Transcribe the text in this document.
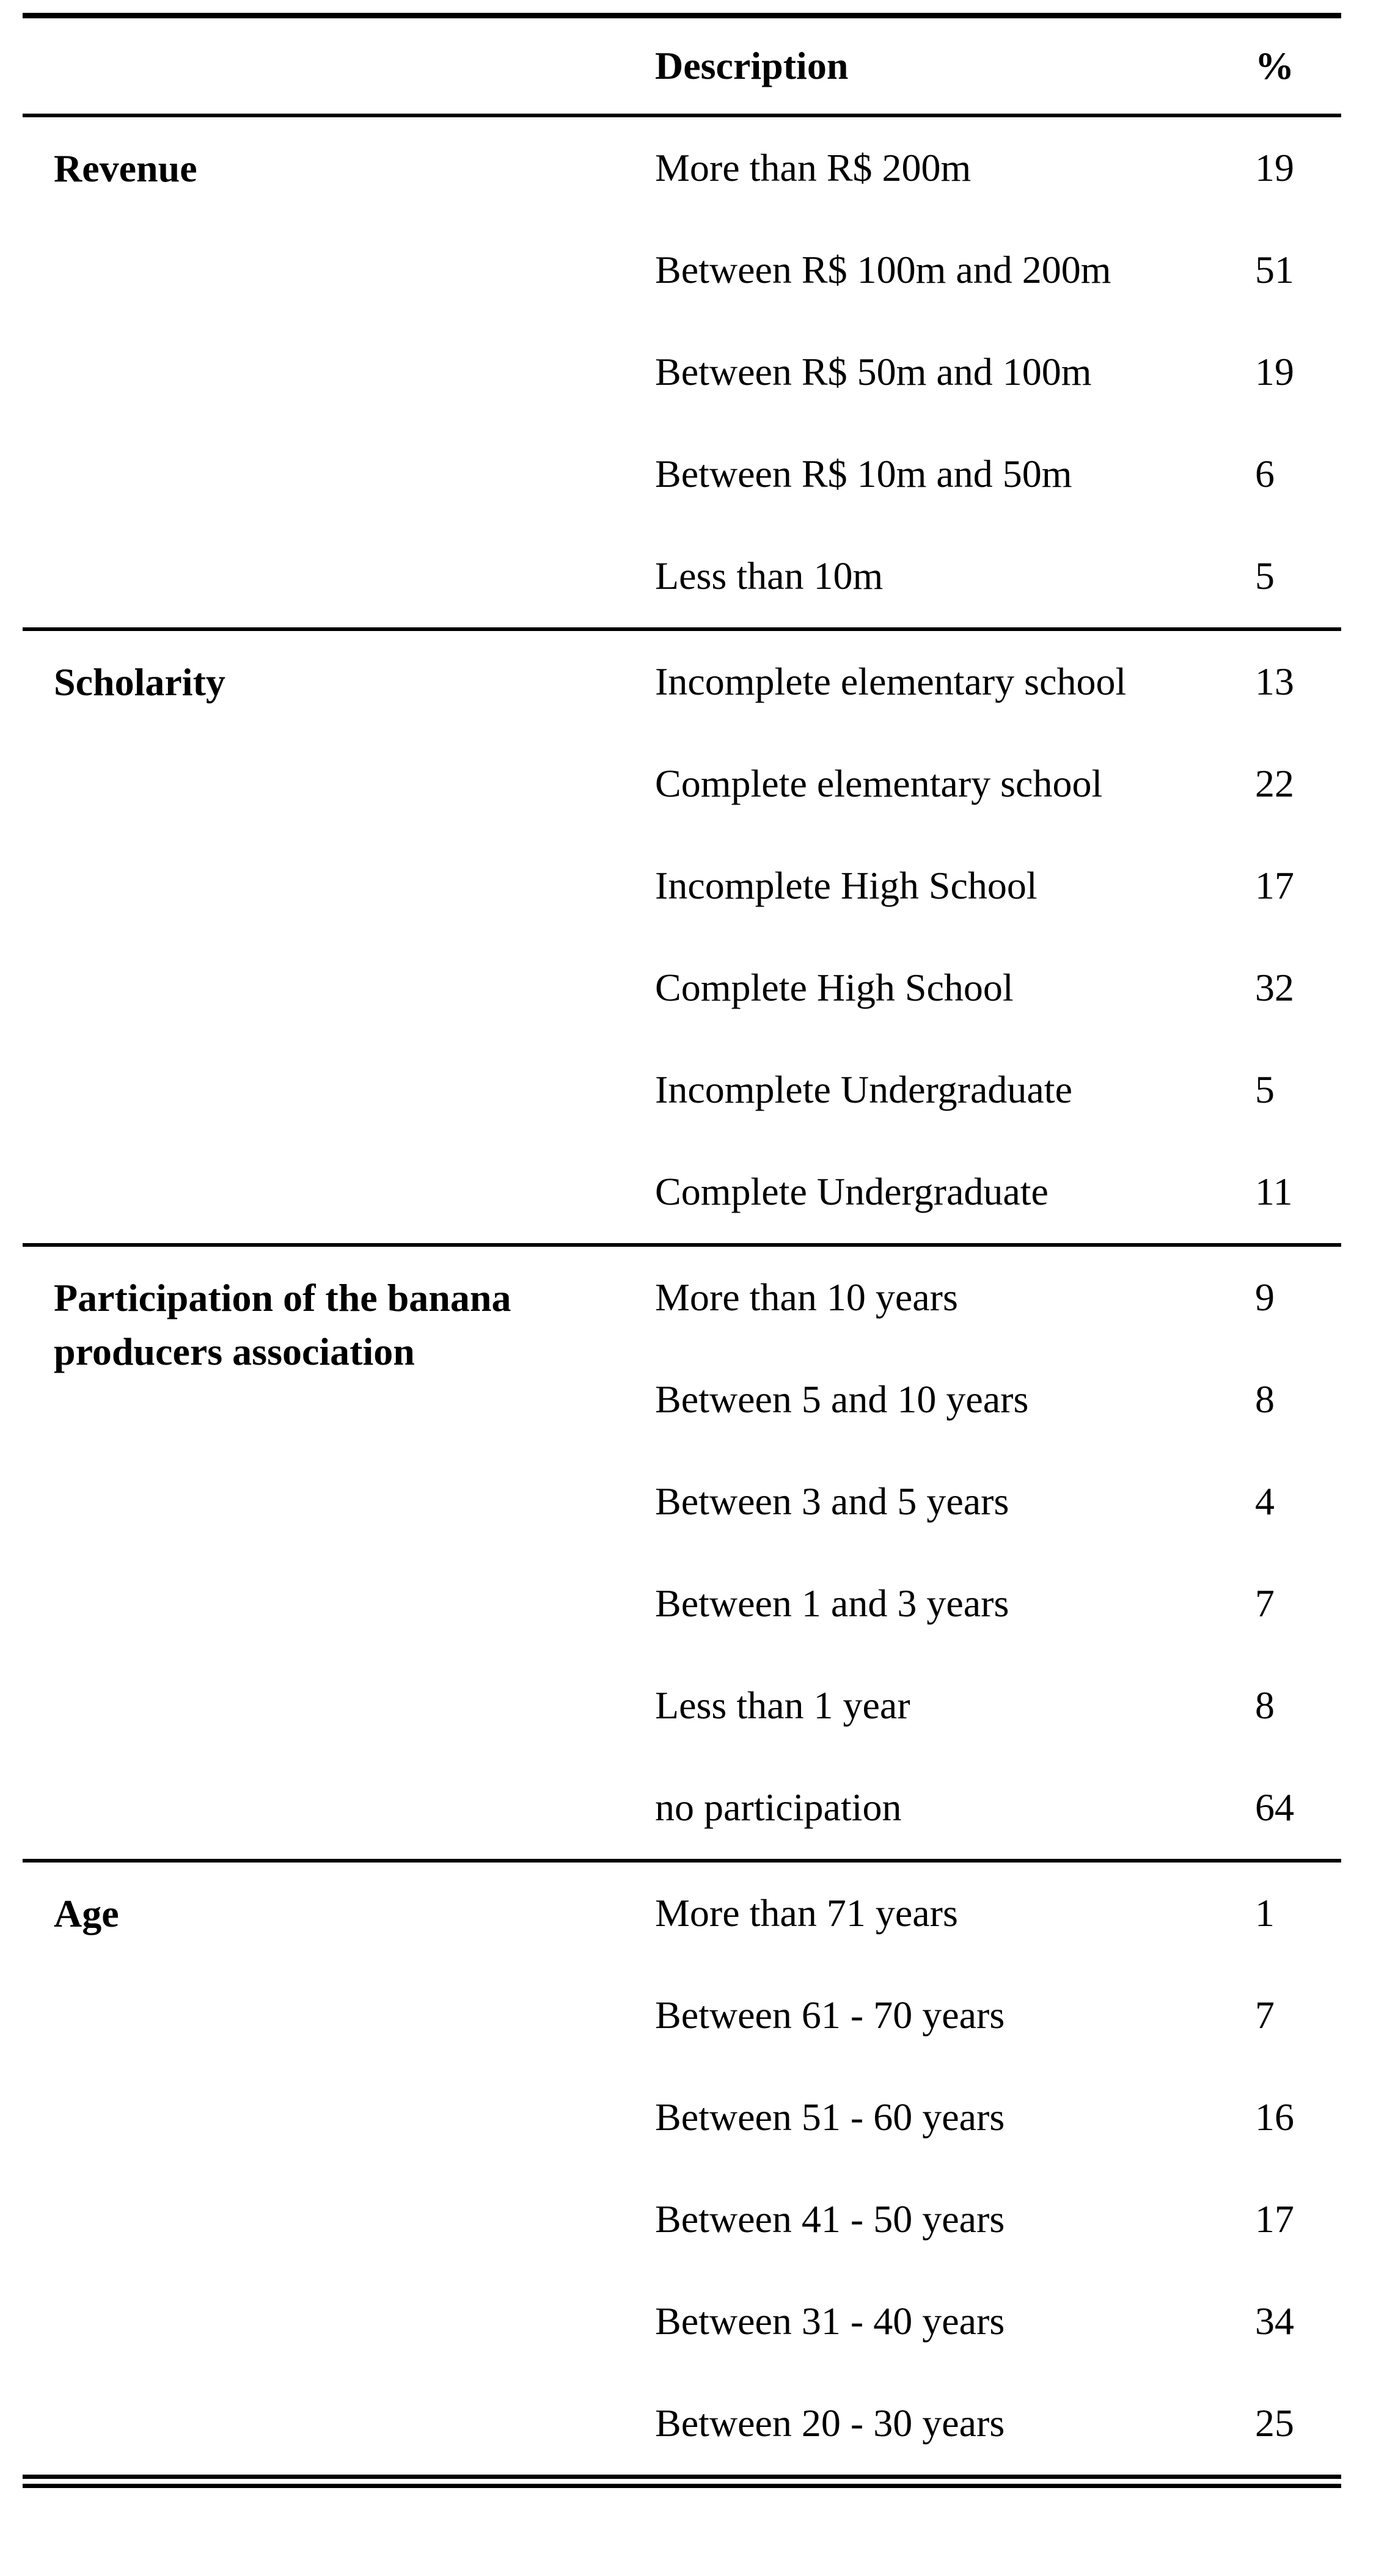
	Description	%
Revenue	More than R$ 200m	19
	Between R$ 100m and 200m	51
	Between R$ 50m and 100m	19
	Between R$ 10m and 50m	6
	Less than 10m	5
Scholarity	Incomplete elementary school	13
	Complete elementary school	22
	Incomplete High School	17
	Complete High School	32
	Incomplete Undergraduate	5
	Complete Undergraduate	11
Participation of the banana producers association	More than 10 years	9
	Between 5 and 10 years	8
	Between 3 and 5 years	4
	Between 1 and 3 years	7
	Less than 1 year	8
	no participation	64
Age	More than 71 years	1
	Between 61 - 70 years	7
	Between 51 - 60 years	16
	Between 41 - 50 years	17
	Between 31 - 40 years	34
	Between 20 - 30 years	25
